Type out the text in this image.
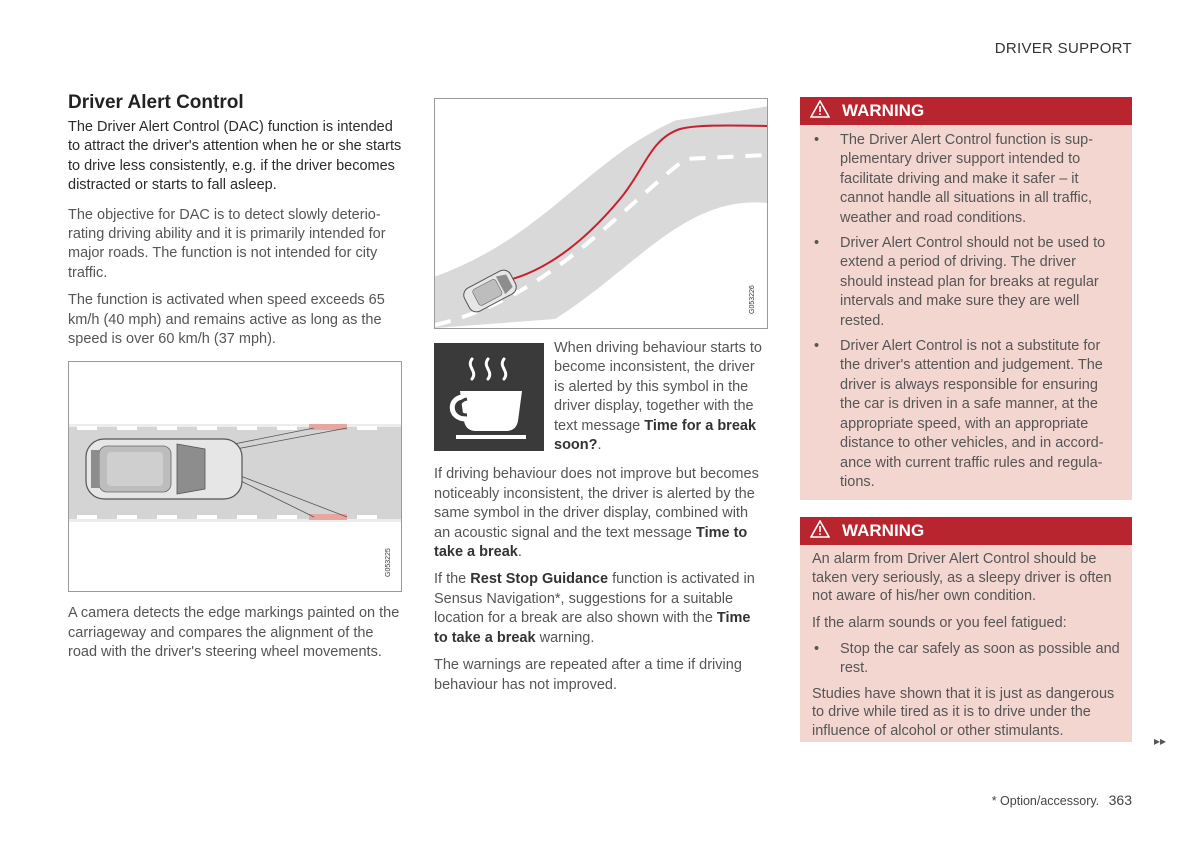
DRIVER SUPPORT
Driver Alert Control

The Driver Alert Control (DAC) function is intended to attract the driver's attention when he or she starts to drive less consistently, e.g. if the driver becomes distracted or starts to fall asleep.

The objective for DAC is to detect slowly deteriorating driving ability and it is primarily intended for major roads. The function is not intended for city traffic.

The function is activated when speed exceeds 65 km/h (40 mph) and remains active as long as the speed is over 60 km/h (37 mph).

G053225

A camera detects the edge markings painted on the carriageway and compares the alignment of the road with the driver's steering wheel movements.

G053226

When driving behaviour starts to become inconsistent, the driver is alerted by this symbol in the driver display, together with the text message Time for a break soon?.

If driving behaviour does not improve but becomes noticeably inconsistent, the driver is alerted by the same symbol in the driver display, combined with an acoustic signal and the text message Time to take a break.

If the Rest Stop Guidance function is activated in Sensus Navigation*, suggestions for a suitable location for a break are also shown with the Time to take a break warning.

The warnings are repeated after a time if driving behaviour has not improved.

WARNING
• The Driver Alert Control function is supplementary driver support intended to facilitate driving and make it safer – it cannot handle all situations in all traffic, weather and road conditions.
• Driver Alert Control should not be used to extend a period of driving. The driver should instead plan for breaks at regular intervals and make sure they are well rested.
• Driver Alert Control is not a substitute for the driver's attention and judgement. The driver is always responsible for ensuring the car is driven in a safe manner, at the appropriate speed, with an appropriate distance to other vehicles, and in accordance with current traffic rules and regulations.
WARNING

An alarm from Driver Alert Control should be taken very seriously, as a sleepy driver is often not aware of his/her own condition.

If the alarm sounds or you feel fatigued:

• Stop the car safely as soon as possible and rest.

Studies have shown that it is just as dangerous to drive while tired as it is to drive under the influence of alcohol or other stimulants.

▸▸
* Option/accessory. 363
